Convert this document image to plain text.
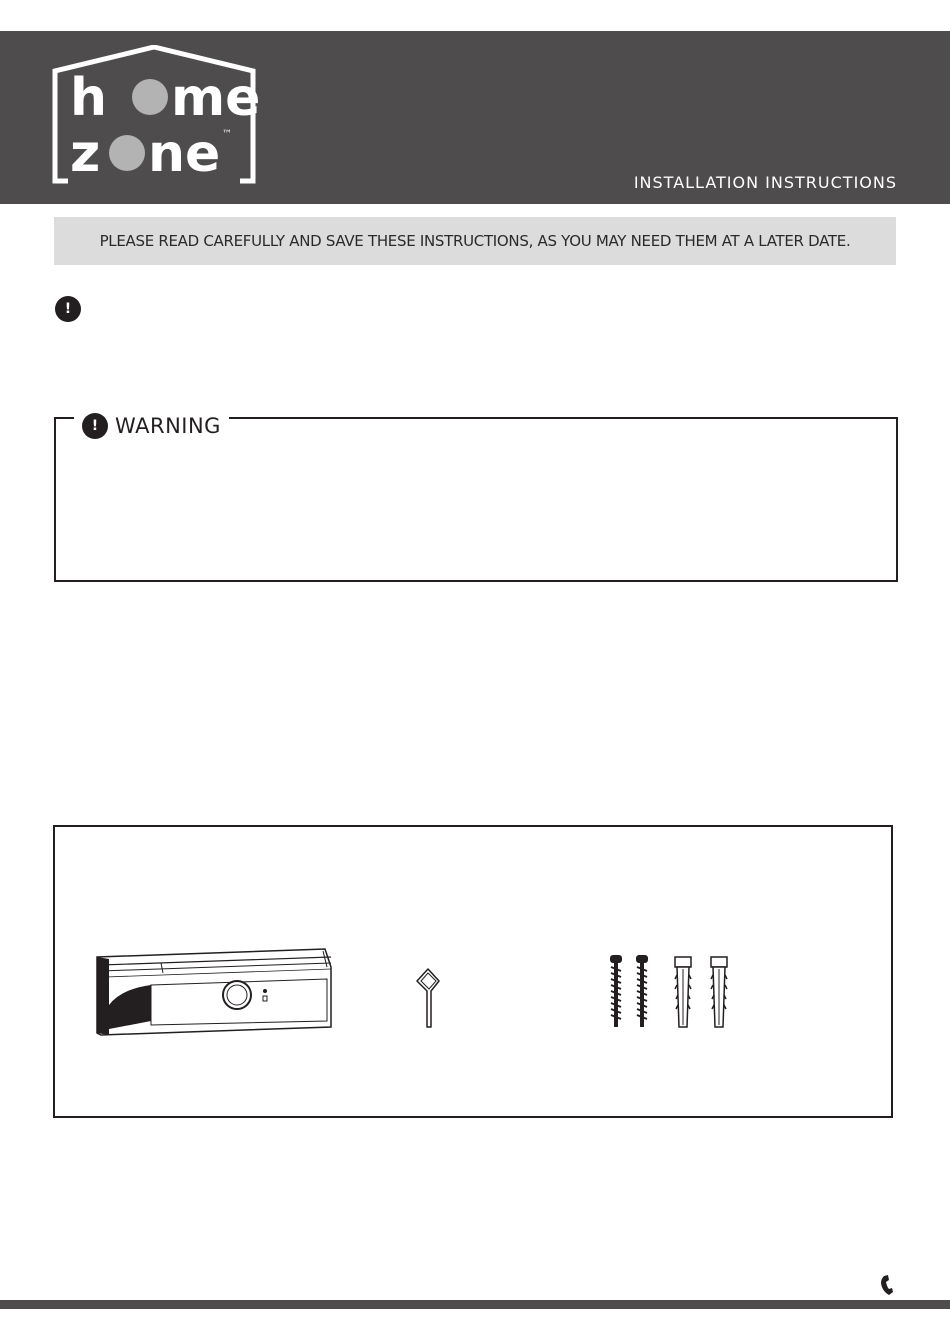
h me
z ne ™
INSTALLATION INSTRUCTIONS
PLEASE READ CAREFULLY AND SAVE THESE INSTRUCTIONS, AS YOU MAY NEED THEM AT A LATER DATE.
!
! WARNING
